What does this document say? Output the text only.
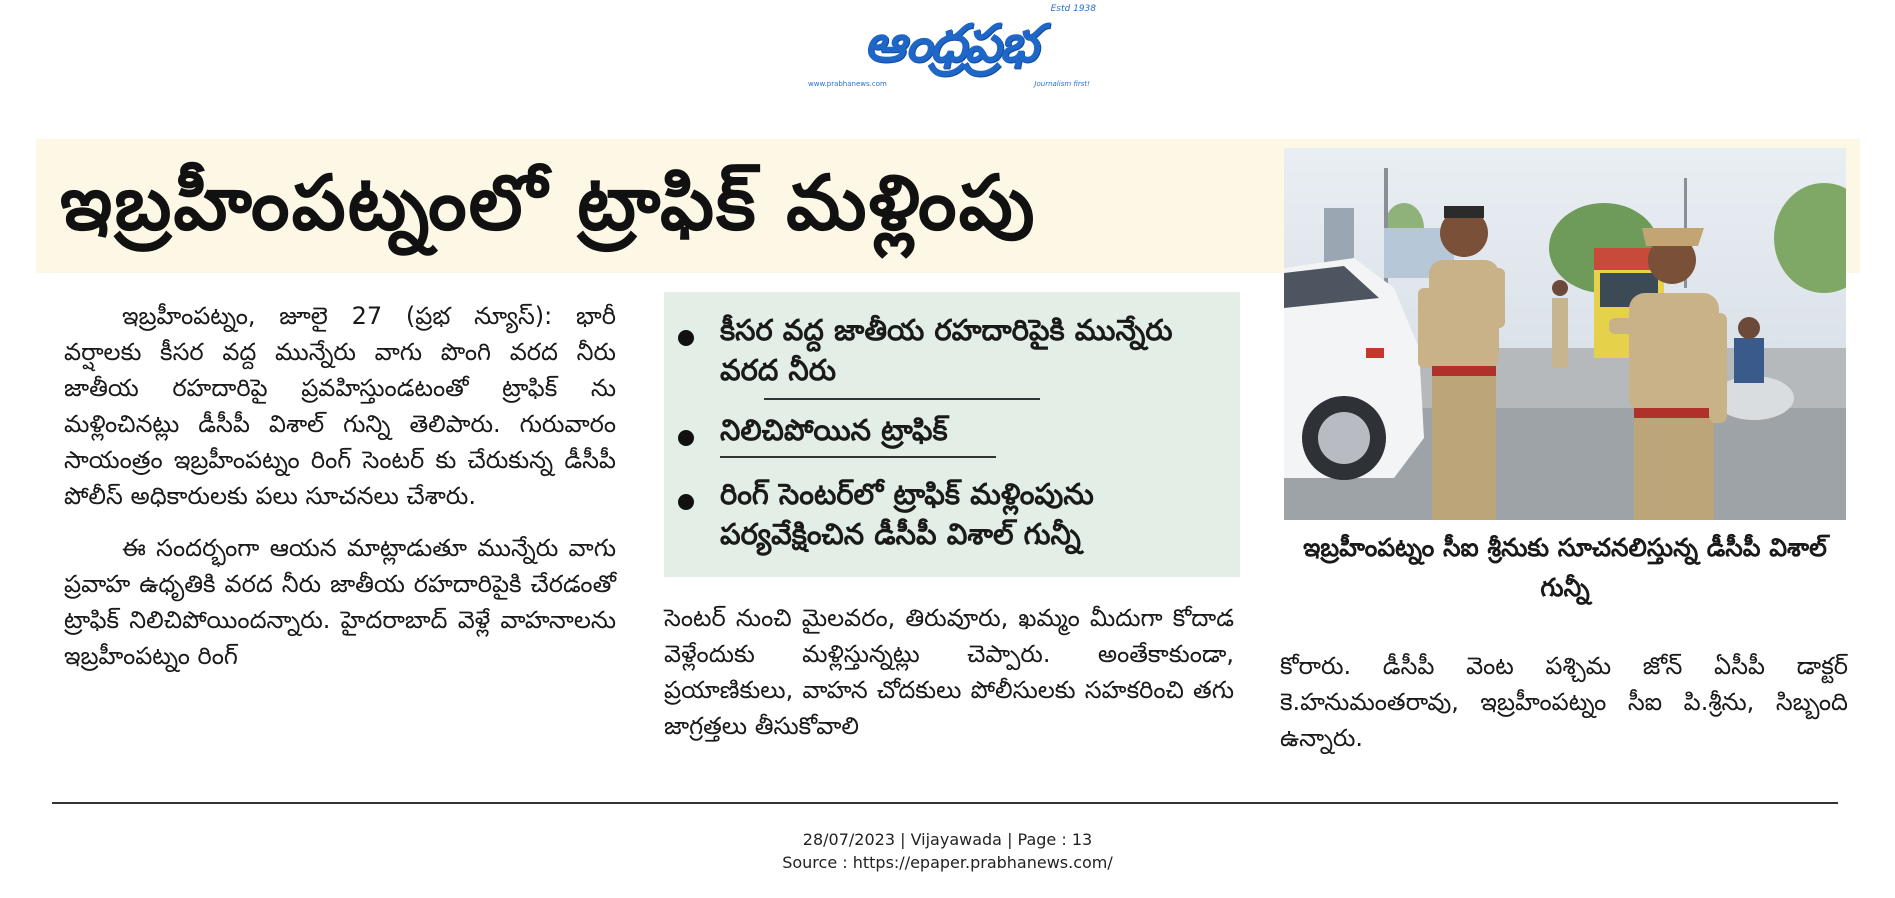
Estd 1938
ఆంధ్రప్రభ
www.prabhanews.com	Journalism first!
ఇబ్రహీంపట్నంలో ట్రాఫిక్ మళ్లింపు

ఇబ్రహీంపట్నం, జూలై 27 (ప్రభ న్యూస్): భారీ వర్షాలకు కీసర వద్ద మున్నేరు వాగు పొంగి వరద నీరు జాతీయ రహదారిపై ప్రవహిస్తుండటంతో ట్రాఫిక్ ను మళ్లించినట్లు డీసీపీ విశాల్ గున్ని తెలిపారు. గురువారం సాయంత్రం ఇబ్రహీంపట్నం రింగ్ సెంటర్ కు చేరుకున్న డీసీపీ పోలీస్ అధికారులకు పలు సూచనలు చేశారు.

ఈ సందర్భంగా ఆయన మాట్లాడుతూ మున్నేరు వాగు ప్రవాహ ఉధృతికి వరద నీరు జాతీయ రహదారిపైకి చేరడంతో ట్రాఫిక్ నిలిచిపోయిందన్నారు. హైదరాబాద్ వెళ్లే వాహనాలను ఇబ్రహీంపట్నం రింగ్

కీసర వద్ద జాతీయ రహదారిపైకి మున్నేరు వరద నీరు
నిలిచిపోయిన ట్రాఫిక్
రింగ్ సెంటర్‌లో ట్రాఫిక్ మళ్లింపును పర్యవేక్షించిన డీసీపీ విశాల్ గున్నీ

సెంటర్ నుంచి మైలవరం, తిరువూరు, ఖమ్మం మీదుగా కోదాడ వెళ్లేందుకు మళ్లిస్తున్నట్లు చెప్పారు. అంతేకాకుండా, ప్రయాణికులు, వాహన చోదకులు పోలీసులకు సహకరించి తగు జాగ్రత్తలు తీసుకోవాలి

ఇబ్రహీంపట్నం సీఐ శ్రీనుకు సూచనలిస్తున్న డీసీపీ విశాల్ గున్నీ

కోరారు. డీసీపీ వెంట పశ్చిమ జోన్ ఏసీపీ డాక్టర్ కె.హనుమంతరావు, ఇబ్రహీంపట్నం సీఐ పి.శ్రీను, సిబ్బంది ఉన్నారు.

28/07/2023 | Vijayawada | Page : 13
Source : https://epaper.prabhanews.com/
